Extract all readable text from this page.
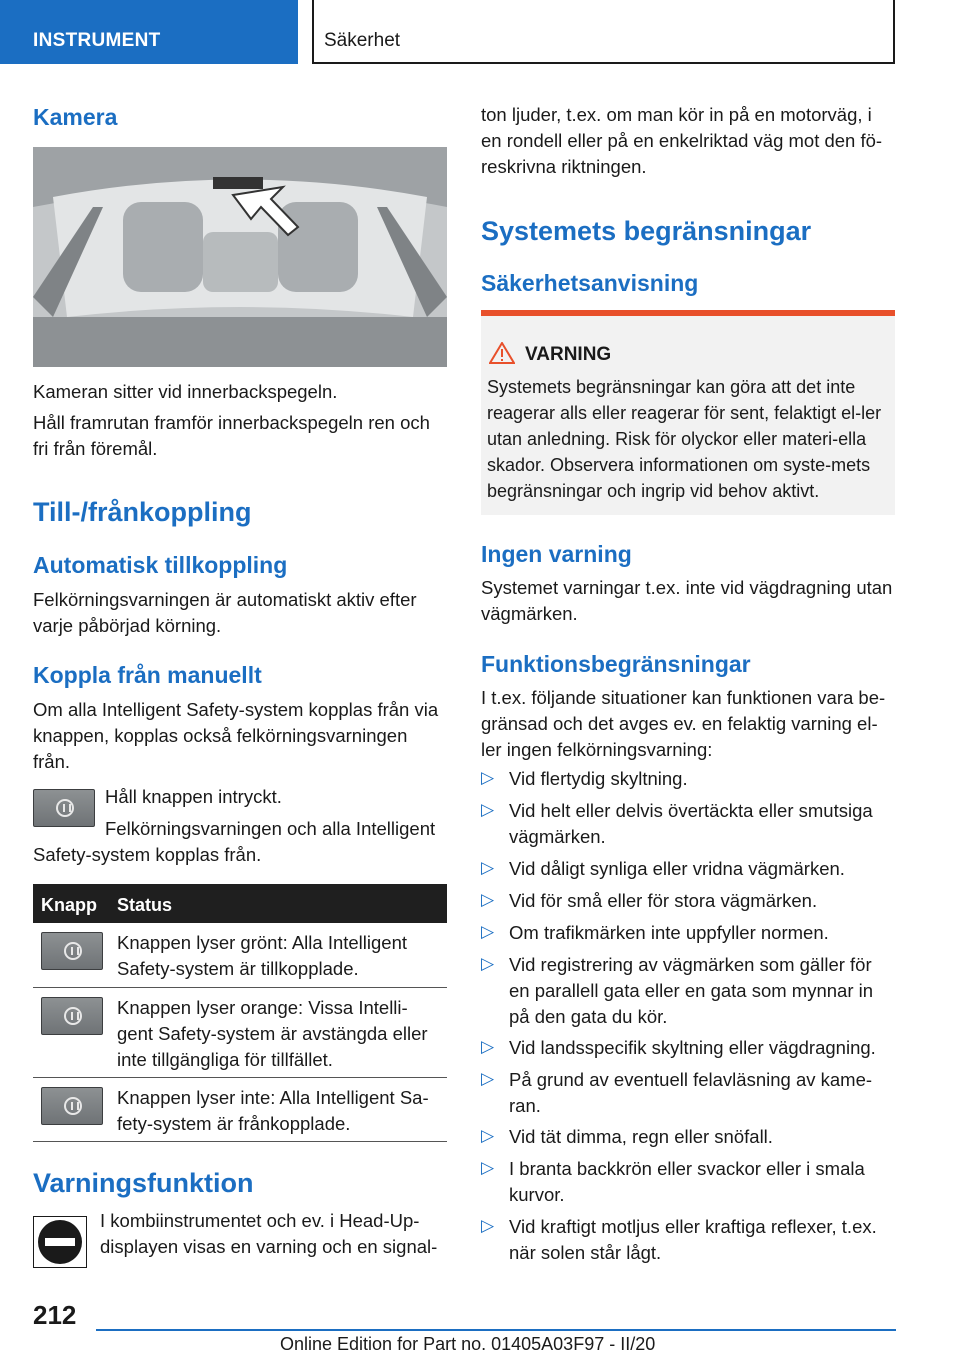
INSTRUMENT	Säkerhet
Kamera
Kameran sitter vid innerbackspegeln.
Håll framrutan framför innerbackspegeln ren och fri från föremål.
Till-/frånkoppling
Automatisk tillkoppling
Felkörningsvarningen är automatiskt aktiv efter varje påbörjad körning.
Koppla från manuellt
Om alla Intelligent Safety-system kopplas från via knappen, kopplas också felkörningsvarningen från.
Håll knappen intryckt.
Felkörningsvarningen och alla Intelligent
Safety-system kopplas från.
Knapp Status
Knappen lyser grönt: Alla Intelligent Safety-system är tillkopplade.
Knappen lyser orange: Vissa Intelli-gent Safety-system är avstängda eller inte tillgängliga för tillfället.
Knappen lyser inte: Alla Intelligent Sa-fety-system är frånkopplade.
Varningsfunktion
I kombiinstrumentet och ev. i Head-Up-displayen visas en varning och en signal-
ton ljuder, t.ex. om man kör in på en motorväg, i en rondell eller på en enkelriktad väg mot den fö-reskrivna riktningen.
Systemets begränsningar
Säkerhetsanvisning
VARNING
Systemets begränsningar kan göra att det inte reagerar alls eller reagerar för sent, felaktigt el-ler utan anledning. Risk för olyckor eller materi-ella skador. Observera informationen om syste-mets begränsningar och ingrip vid behov aktivt.
Ingen varning
Systemet varningar t.ex. inte vid vägdragning utan vägmärken.
Funktionsbegränsningar
I t.ex. följande situationer kan funktionen vara be-gränsad och det avges ev. en felaktig varning el-ler ingen felkörningsvarning:
▷ Vid flertydig skyltning.
▷ Vid helt eller delvis övertäckta eller smutsiga vägmärken.
▷ Vid dåligt synliga eller vridna vägmärken.
▷ Vid för små eller för stora vägmärken.
▷ Om trafikmärken inte uppfyller normen.
▷ Vid registrering av vägmärken som gäller för en parallell gata eller en gata som mynnar in på den gata du kör.
▷ Vid landsspecifik skyltning eller vägdragning.
▷ På grund av eventuell felavläsning av kame-ran.
▷ Vid tät dimma, regn eller snöfall.
▷ I branta backkrön eller svackor eller i smala kurvor.
▷ Vid kraftigt motljus eller kraftiga reflexer, t.ex. när solen står lågt.
212
Online Edition for Part no. 01405A03F97 - II/20
